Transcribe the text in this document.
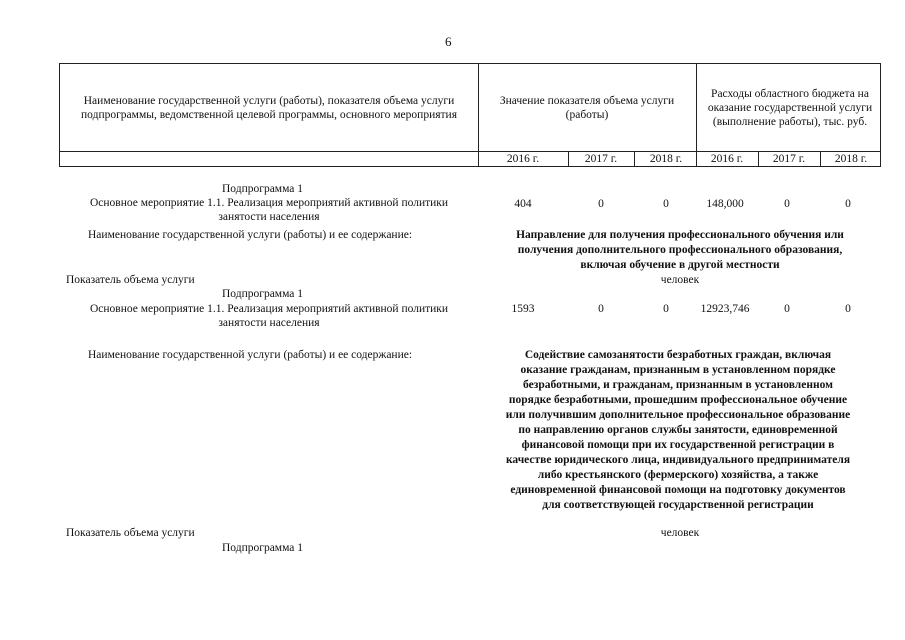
6
Наименование государственной услуги (работы), показателя объема услуги подпрограммы, ведомственной целевой программы, основного мероприятия
Значение показателя объема услуги (работы)
Расходы областного бюджета на оказание государственной услуги (выполнение работы), тыс. руб.
2016 г.	2017 г.	2018 г.	2016 г.	2017 г.	2018 г.
Подпрограмма 1
Основное мероприятие 1.1. Реализация мероприятий активной политики
занятости населения
404	0	0	148,000	0	0
Наименование государственной услуги (работы) и ее содержание:	Направление для получения профессионального обучения или
получения дополнительного профессионального образования,
включая обучение в другой местности
Показатель объема услуги	человек
Подпрограмма 1
Основное мероприятие 1.1. Реализация мероприятий активной политики
занятости населения
1593	0	0	12923,746	0	0
Наименование государственной услуги (работы) и ее содержание:	Содействие самозанятости безработных граждан, включая
оказание гражданам, признанным в установленном порядке
безработными, и гражданам, признанным в установленном
порядке безработными, прошедшим профессиональное обучение
или получившим дополнительное профессиональное образование
по направлению органов службы занятости, единовременной
финансовой помощи при их государственной регистрации в
качестве юридического лица, индивидуального предпринимателя
либо крестьянского (фермерского) хозяйства, а также
единовременной финансовой помощи на подготовку документов
для соответствующей государственной регистрации
Показатель объема услуги	человек
Подпрограмма 1
